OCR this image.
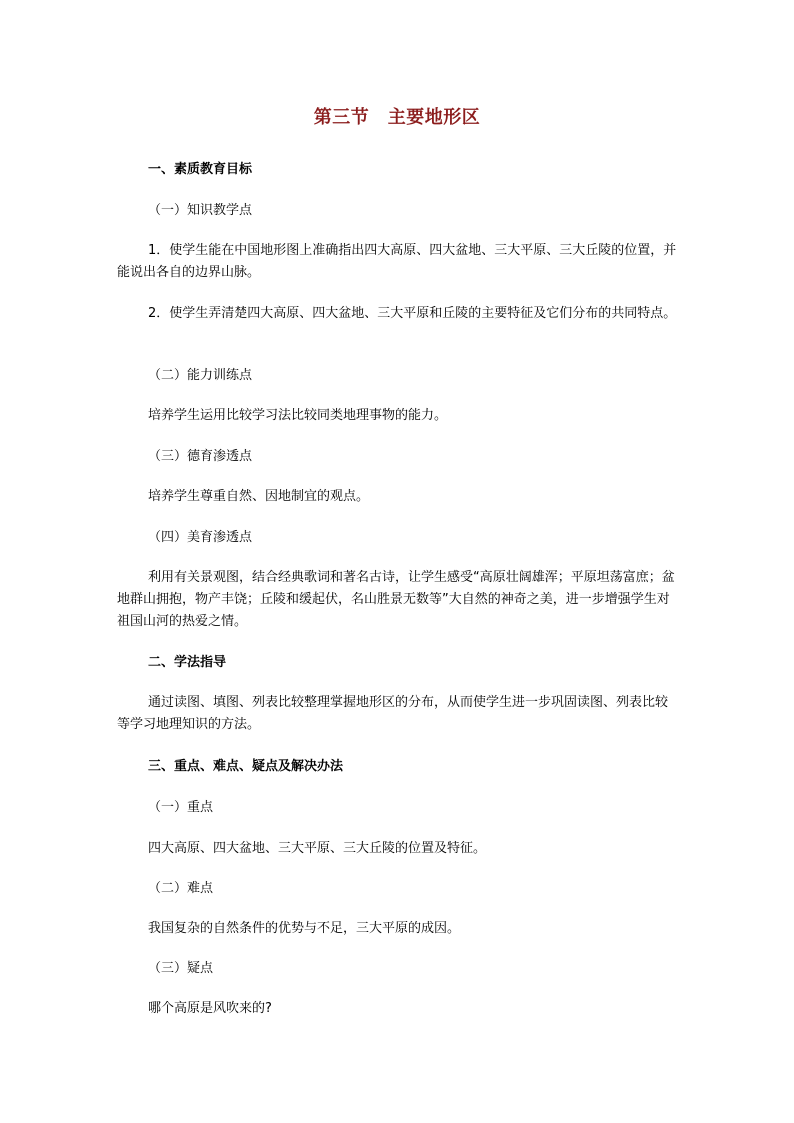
第三节　主要地形区
一、素质教育目标
（一）知识教学点
1．使学生能在中国地形图上准确指出四大高原、四大盆地、三大平原、三大丘陵的位置，并能说出各自的边界山脉。
2．使学生弄清楚四大高原、四大盆地、三大平原和丘陵的主要特征及它们分布的共同特点。
（二）能力训练点
培养学生运用比较学习法比较同类地理事物的能力。
（三）德育渗透点
培养学生尊重自然、因地制宜的观点。
（四）美育渗透点
利用有关景观图，结合经典歌词和著名古诗，让学生感受“高原壮阔雄浑；平原坦荡富庶；盆地群山拥抱，物产丰饶；丘陵和缓起伏，名山胜景无数等”大自然的神奇之美，进一步增强学生对祖国山河的热爱之情。
二、学法指导
通过读图、填图、列表比较整理掌握地形区的分布，从而使学生进一步巩固读图、列表比较等学习地理知识的方法。
三、重点、难点、疑点及解决办法
（一）重点
四大高原、四大盆地、三大平原、三大丘陵的位置及特征。
（二）难点
我国复杂的自然条件的优势与不足，三大平原的成因。
（三）疑点
哪个高原是风吹来的?
